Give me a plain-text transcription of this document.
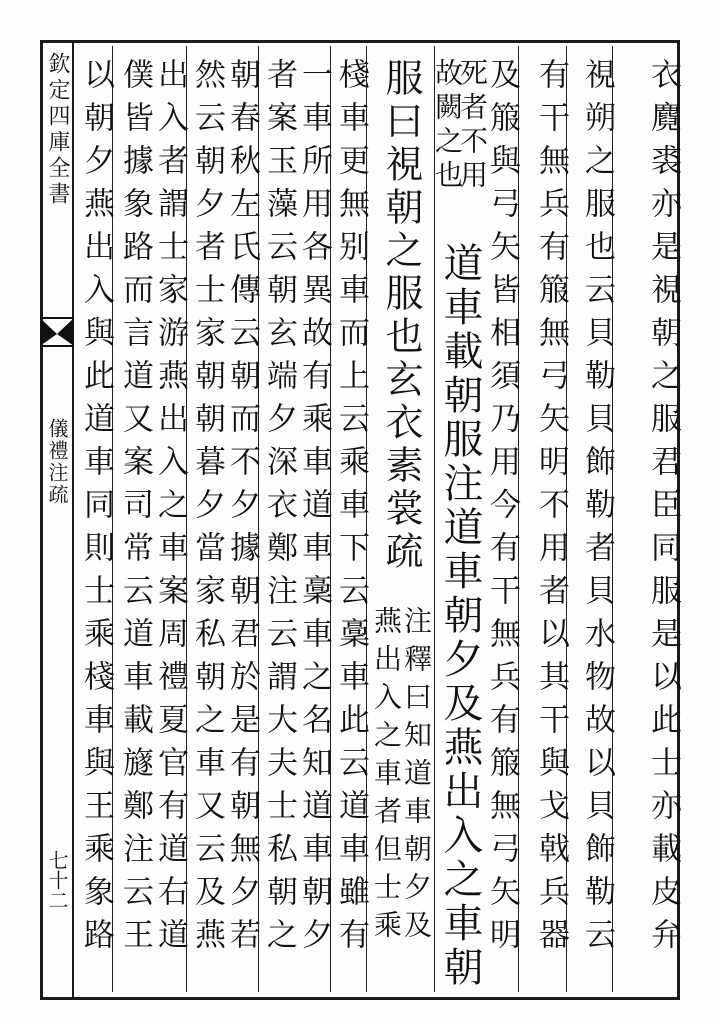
欽定四庫全書
儀禮注疏
七十二	衣麑裘亦是視朝之服君臣同服是以此士亦載皮弁
視朔之服也云貝勒貝飾勒者貝水物故以貝飾勒云
有干無兵有箙無弓矢明不用者以其干與戈戟兵器
及箙與弓矢皆相須乃用今有干無兵有箙無弓矢明
死者不用
故闕之也
道車載朝服注道車朝夕及燕出入之車朝
服曰視朝之服也玄衣素裳疏
注釋曰知道車朝夕及
燕出入之車者但士乘
棧車更無别車而上云乘車下云稾車此云道車雖有
一車所用各異故有乘車道車稾車之名知道車朝夕
者案玉藻云朝玄端夕深衣鄭注云謂大夫士私朝之
朝春秋左氏傳云朝而不夕據朝君於是有朝無夕若
然云朝夕者士家朝朝暮夕當家私朝之車又云及燕
出入者謂士家游燕出入之車案周禮夏官有道右道
僕皆據象路而言道又案司常云道車載旞鄭注云王
以朝夕燕出入與此道車同則士乘棧車與王乘象路
